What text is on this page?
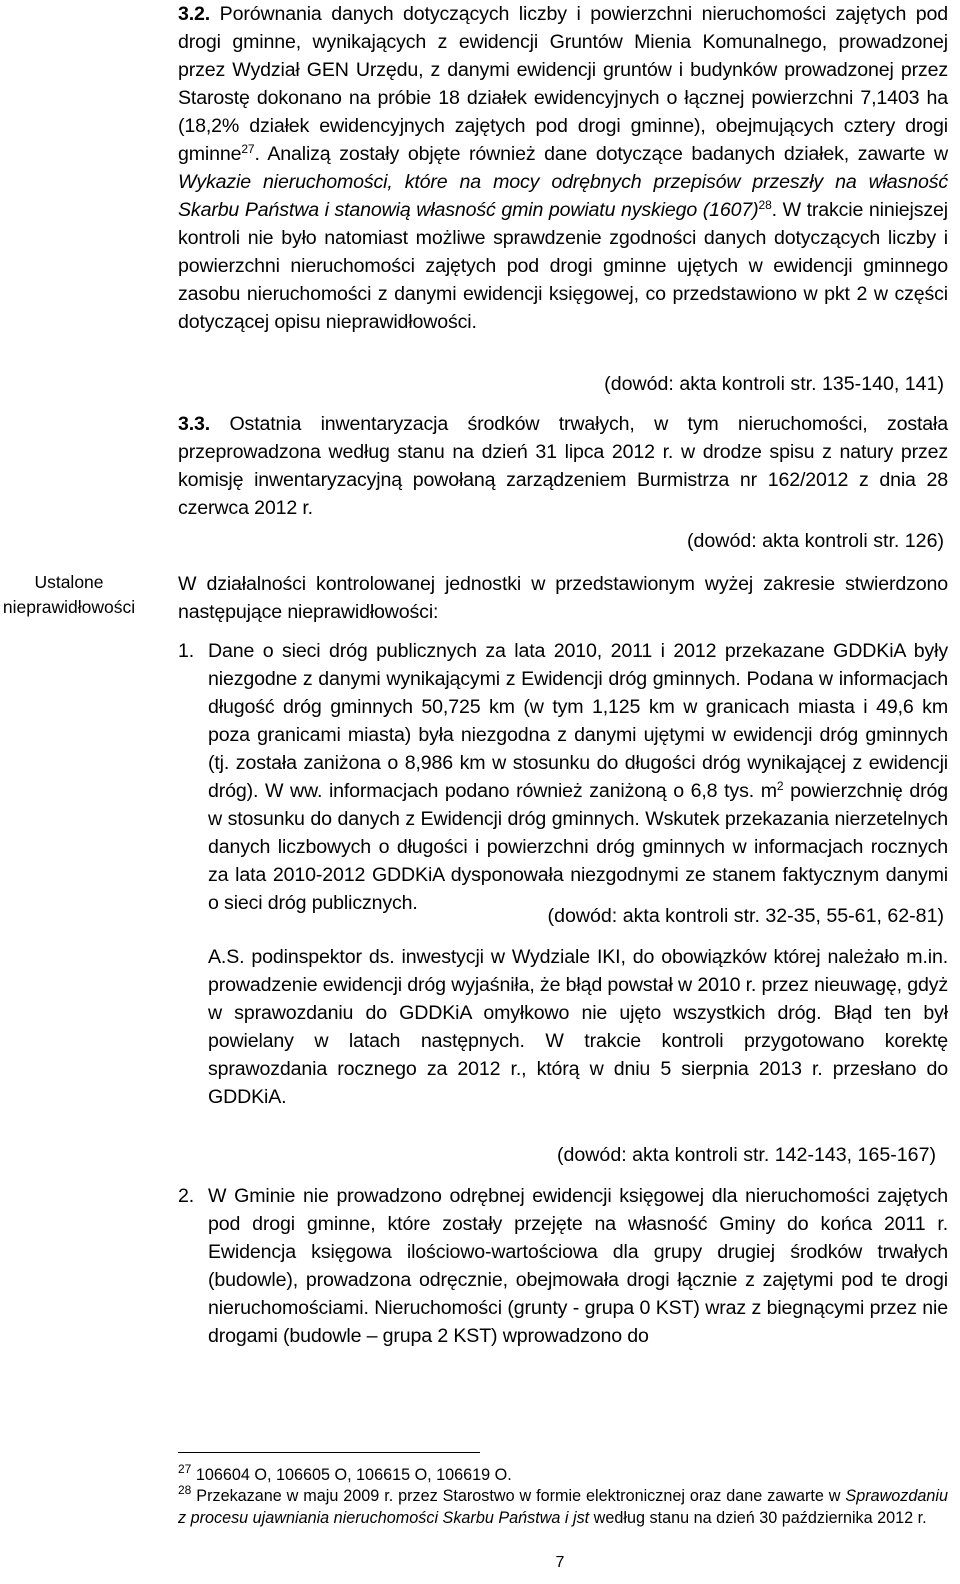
3.2. Porównania danych dotyczących liczby i powierzchni nieruchomości zajętych pod drogi gminne, wynikających z ewidencji Gruntów Mienia Komunalnego, prowadzonej przez Wydział GEN Urzędu, z danymi ewidencji gruntów i budynków prowadzonej przez Starostę dokonano na próbie 18 działek ewidencyjnych o łącznej powierzchni 7,1403 ha (18,2% działek ewidencyjnych zajętych pod drogi gminne), obejmujących cztery drogi gminne$^{27}$. Analizą zostały objęte również dane dotyczące badanych działek, zawarte w Wykazie nieruchomości, które na mocy odrębnych przepisów przeszły na własność Skarbu Państwa i stanowią własność gmin powiatu nyskiego $(1607)^{28}$. W trakcie niniejszej kontroli nie było natomiast możliwe sprawdzenie zgodności danych dotyczących liczby i powierzchni nieruchomości zajętych pod drogi gminne ujętych w ewidencji gminnego zasobu nieruchomości z danymi ewidencji księgowej, co przedstawiono w pkt 2 w części dotyczącej opisu nieprawidłowości.
(dowód: akta kontroli str. 135-140, 141)
3.3. Ostatnia inwentaryzacja środków trwałych, w tym nieruchomości, została przeprowadzona według stanu na dzień 31 lipca 2012 r. w drodze spisu z natury przez komisję inwentaryzacyjną powołaną zarządzeniem Burmistrza nr 162/2012 z dnia 28 czerwca 2012 r.
(dowód: akta kontroli str. 126)
Ustalone
nieprawidłowości
W działalności kontrolowanej jednostki w przedstawionym wyżej zakresie stwierdzono następujące nieprawidłowości:
1. Dane o sieci dróg publicznych za lata 2010, 2011 i 2012 przekazane GDDKiA były niezgodne z danymi wynikającymi z Ewidencji dróg gminnych. Podana w informacjach długość dróg gminnych 50,725 km (w tym 1,125 km w granicach miasta i 49,6 km poza granicami miasta) była niezgodna z danymi ujętymi w ewidencji dróg gminnych (tj. została zaniżona o 8,986 km w stosunku do długości dróg wynikającej z ewidencji dróg). W ww. informacjach podano również zaniżoną o 6,8 tys. $m^2$ powierzchnię dróg w stosunku do danych z Ewidencji dróg gminnych. Wskutek przekazania nierzetelnych danych liczbowych o długości i powierzchni dróg gminnych w informacjach rocznych za lata 2010-2012 GDDKiA dysponowała niezgodnymi ze stanem faktycznym danymi o sieci dróg publicznych.
(dowód: akta kontroli str. 32-35, 55-61, 62-81)
A.S. podinspektor ds. inwestycji w Wydziale IKI, do obowiązków której należało m.in. prowadzenie ewidencji dróg wyjaśniła, że błąd powstał w 2010 r. przez nieuwagę, gdyż w sprawozdaniu do GDDKiA omyłkowo nie ujęto wszystkich dróg. Błąd ten był powielany w latach następnych. W trakcie kontroli przygotowano korektę sprawozdania rocznego za 2012 r., którą w dniu 5 sierpnia 2013 r. przesłano do GDDKiA.
(dowód: akta kontroli str. 142-143, 165-167)
2. W Gminie nie prowadzono odrębnej ewidencji księgowej dla nieruchomości zajętych pod drogi gminne, które zostały przejęte na własność Gminy do końca 2011 r. Ewidencja księgowa ilościowo-wartościowa dla grupy drugiej środków trwałych (budowle), prowadzona odręcznie, obejmowała drogi łącznie z zajętymi pod te drogi nieruchomościami. Nieruchomości (grunty - grupa 0 KST) wraz z biegnącymi przez nie drogami (budowle – grupa 2 KST) wprowadzono do
$^{27}$ 106604 O, 106605 O, 106615 O, 106619 O.
$^{28}$ Przekazane w maju 2009 r. przez Starostwo w formie elektronicznej oraz dane zawarte w Sprawozdaniu z procesu ujawniania nieruchomości Skarbu Państwa i jst według stanu na dzień 30 października 2012 r.
7
